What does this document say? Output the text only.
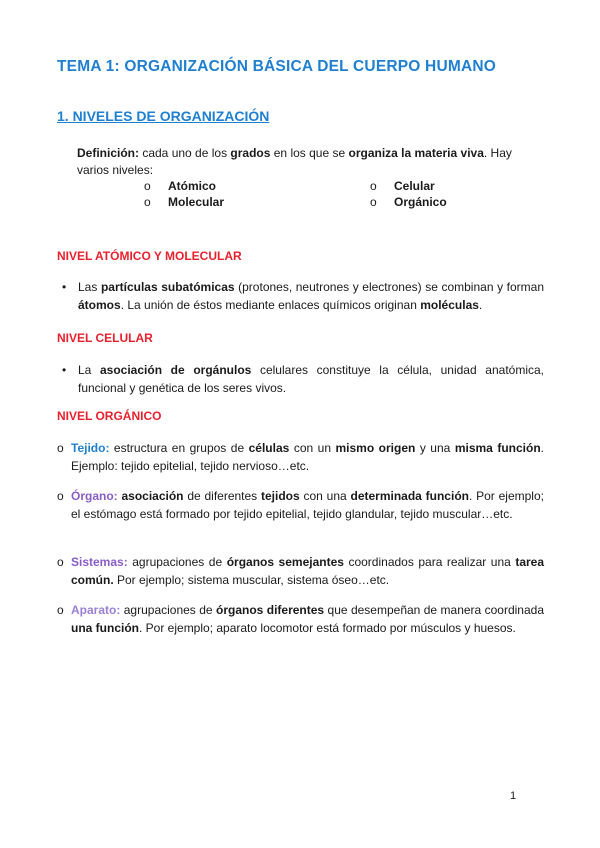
TEMA 1: ORGANIZACIÓN BÁSICA DEL CUERPO HUMANO
1. NIVELES DE ORGANIZACIÓN
Definición: cada uno de los grados en los que se organiza la materia viva. Hay varios niveles:
o Atómico	o Celular
o Molecular	o Orgánico
NIVEL ATÓMICO Y MOLECULAR
• Las partículas subatómicas (protones, neutrones y electrones) se combinan y forman átomos. La unión de éstos mediante enlaces químicos originan moléculas.
NIVEL CELULAR
• La asociación de orgánulos celulares constituye la célula, unidad anatómica, funcional y genética de los seres vivos.
NIVEL ORGÁNICO
o Tejido: estructura en grupos de células con un mismo origen y una misma función. Ejemplo: tejido epitelial, tejido nervioso…etc.
o Órgano: asociación de diferentes tejidos con una determinada función. Por ejemplo; el estómago está formado por tejido epitelial, tejido glandular, tejido muscular…etc.
o Sistemas: agrupaciones de órganos semejantes coordinados para realizar una tarea común. Por ejemplo; sistema muscular, sistema óseo…etc.
o Aparato: agrupaciones de órganos diferentes que desempeñan de manera coordinada una función. Por ejemplo; aparato locomotor está formado por músculos y huesos.
1
